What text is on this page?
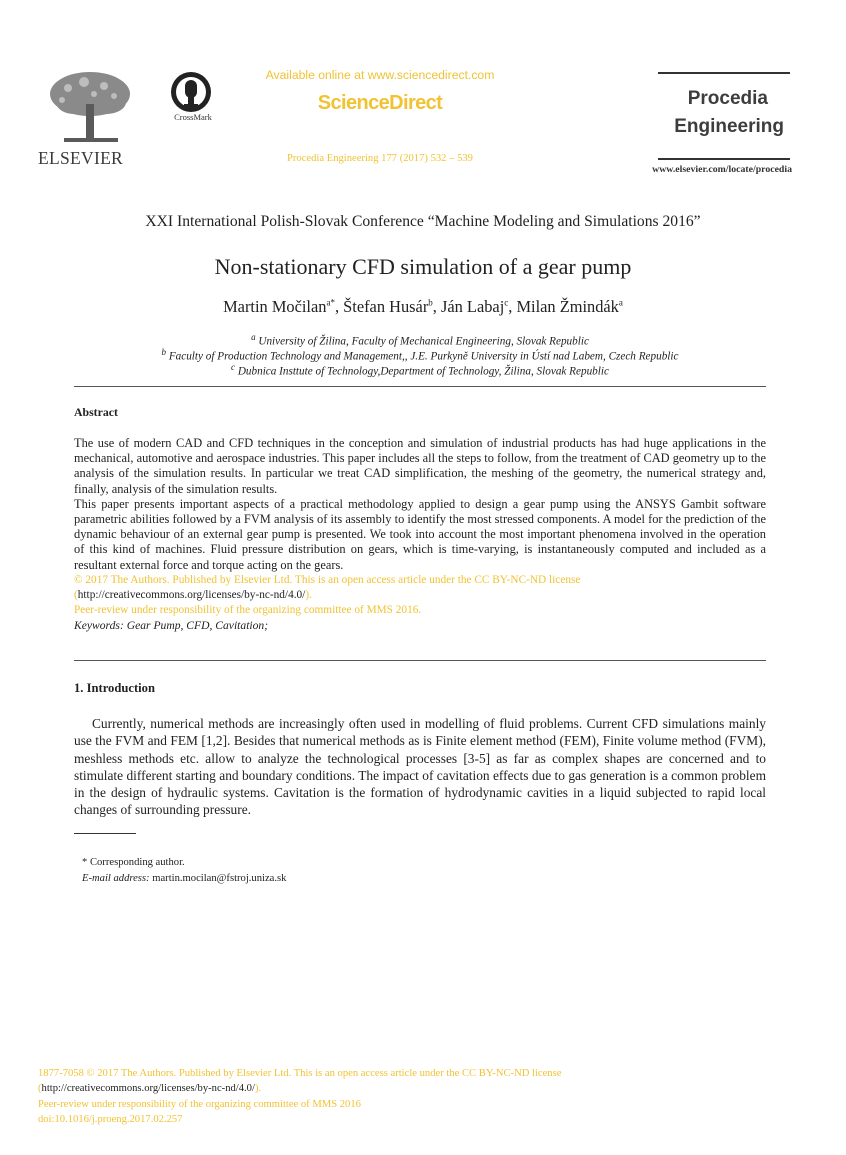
ELSEVIER
CrossMark
Available online at www.sciencedirect.com
ScienceDirect
Procedia Engineering 177 (2017) 532 – 539
Procedia
Engineering
www.elsevier.com/locate/procedia
XXI International Polish-Slovak Conference “Machine Modeling and Simulations 2016”
Non-stationary CFD simulation of a gear pump
Martin Močilan$^{a*}$, Štefan Husár$^b$, Ján Labaj$^c$, Milan Žmindák$^a$
$^a$ University of Žilina, Faculty of Mechanical Engineering, Slovak Republic
$^b$ Faculty of Production Technology and Management,, J.E. Purkyně University in Ústí nad Labem, Czech Republic
$^c$ Dubnica Insttute of Technology,Department of Technology, Žilina, Slovak Republic
Abstract

The use of modern CAD and CFD techniques in the conception and simulation of industrial products has had huge applications in the mechanical, automotive and aerospace industries. This paper includes all the steps to follow, from the treatment of CAD geometry up to the analysis of the simulation results. In particular we treat CAD simplification, the meshing of the geometry, the numerical strategy and, finally, analysis of the simulation results.

This paper presents important aspects of a practical methodology applied to design a gear pump using the ANSYS Gambit software parametric abilities followed by a FVM analysis of its assembly to identify the most stressed components. A model for the prediction of the dynamic behaviour of an external gear pump is presented. We took into account the most important phenomena involved in the operation of this kind of machines. Fluid pressure distribution on gears, which is time-varying, is instantaneously computed and included as a resultant external force and torque acting on the gears.

© 2017 The Authors. Published by Elsevier Ltd. This is an open access article under the CC BY-NC-ND license
(http://creativecommons.org/licenses/by-nc-nd/4.0/).
Peer-review under responsibility of the organizing committee of MMS 2016.

Keywords: Gear Pump, CFD, Cavitation;

1. Introduction

Currently, numerical methods are increasingly often used in modelling of fluid problems. Current CFD simulations mainly use the FVM and FEM [1,2]. Besides that numerical methods as is Finite element method (FEM), Finite volume method (FVM), meshless methods etc. allow to analyze the technological processes [3-5] as far as complex shapes are concerned and to stimulate different starting and boundary conditions. The impact of cavitation effects due to gas generation is a common problem in the design of hydraulic systems. Cavitation is the formation of hydrodynamic cavities in a liquid subjected to rapid local changes of surrounding pressure.

* Corresponding author.
E-mail address: martin.mocilan@fstroj.uniza.sk
1877-7058 © 2017 The Authors. Published by Elsevier Ltd. This is an open access article under the CC BY-NC-ND license
(http://creativecommons.org/licenses/by-nc-nd/4.0/).
Peer-review under responsibility of the organizing committee of MMS 2016
doi:10.1016/j.proeng.2017.02.257
